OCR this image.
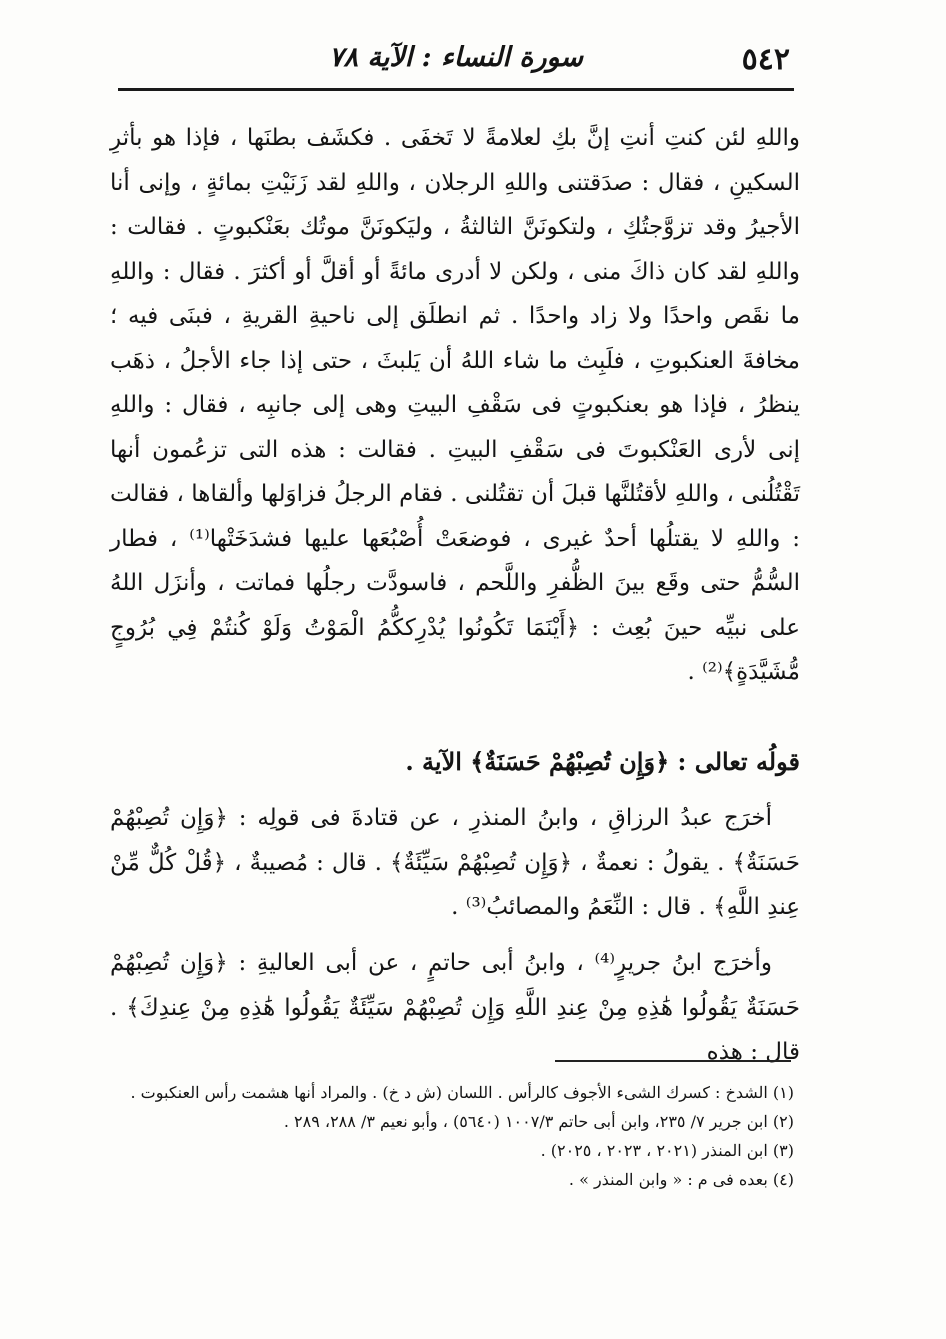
٥٤٢
سورة النساء : الآية ٧٨

واللهِ لئن كنتِ أنتِ إنَّ بكِ لعلامةً لا تَخفَى . فكشَف بطنَها ، فإذا هو بأثرِ السكينِ ، فقال : صدَقتنى واللهِ الرجلان ، واللهِ لقد زَنَيْتِ بمائةٍ ، وإنى أنا الأجيرُ وقد تزوَّجتُكِ ، ولتكونَنَّ الثالثةُ ، وليَكونَنَّ موتُك بعَنْكبوتٍ . فقالت : واللهِ لقد كان ذاكَ منى ، ولكن لا أدرى مائةً أو أقلَّ أو أكثرَ . فقال : واللهِ ما نقَص واحدًا ولا زاد واحدًا . ثم انطلَق إلى ناحيةِ القريةِ ، فبنَى فيه ؛ مخافةَ العنكبوتِ ، فلَبِث ما شاء اللهُ أن يَلبثَ ، حتى إذا جاء الأجلُ ، ذهَب ينظرُ ، فإذا هو بعنكبوتٍ فى سَقْفِ البيتِ وهى إلى جانبِه ، فقال : واللهِ إنى لأرى العَنْكبوتَ فى سَقْفِ البيتِ . فقالت : هذه التى تزعُمون أنها تَقْتُلُنى ، واللهِ لأقتُلنَّها قبلَ أن تقتُلنى . فقام الرجلُ فزاوَلها وألقاها ، فقالت : واللهِ لا يقتلُها أحدٌ غيرى ، فوضعَتْ أُصْبُعَها عليها فشدَخَتْها⁽¹⁾ ، فطار السُّمُّ حتى وقَع بينَ الظُّفرِ واللَّحم ، فاسودَّت رجلُها فماتت ، وأنزَل اللهُ على نبيِّه حينَ بُعِث : ﴿أَيْنَمَا تَكُونُوا يُدْرِككُّمُ الْمَوْتُ وَلَوْ كُنتُمْ فِي بُرُوجٍ مُّشَيَّدَةٍ﴾⁽²⁾ .

قولُه تعالى : ﴿وَإِن تُصِبْهُمْ حَسَنَةٌ﴾ الآية .

أخرَج عبدُ الرزاقِ ، وابنُ المنذرِ ، عن قتادةَ فى قولِه : ﴿وَإِن تُصِبْهُمْ حَسَنَةٌ﴾ . يقولُ : نعمةٌ ، ﴿وَإِن تُصِبْهُمْ سَيِّئَةٌ﴾ . قال : مُصيبةٌ ، ﴿قُلْ كُلٌّ مِّنْ عِندِ اللَّهِ﴾ . قال : النِّعَمُ والمصائبُ⁽³⁾ .

وأخرَج ابنُ جريرٍ⁽⁴⁾ ، وابنُ أبى حاتمٍ ، عن أبى العاليةِ : ﴿وَإِن تُصِبْهُمْ حَسَنَةٌ يَقُولُوا هَٰذِهِ مِنْ عِندِ اللَّهِ وَإِن تُصِبْهُمْ سَيِّئَةٌ يَقُولُوا هَٰذِهِ مِنْ عِندِكَ﴾ . قال : هذه

(١) الشدخ : كسرك الشىء الأجوف كالرأس . اللسان (ش د خ) . والمراد أنها هشمت رأس العنكبوت .
(٢) ابن جرير ٧/ ٢٣٥، وابن أبى حاتم ١٠٠٧/٣ (٥٦٤٠) ، وأبو نعيم ٣/ ٢٨٨، ٢٨٩ .
(٣) ابن المنذر (٢٠٢١ ، ٢٠٢٣ ، ٢٠٢٥) .
(٤) بعده فى م : « وابن المنذر » .
